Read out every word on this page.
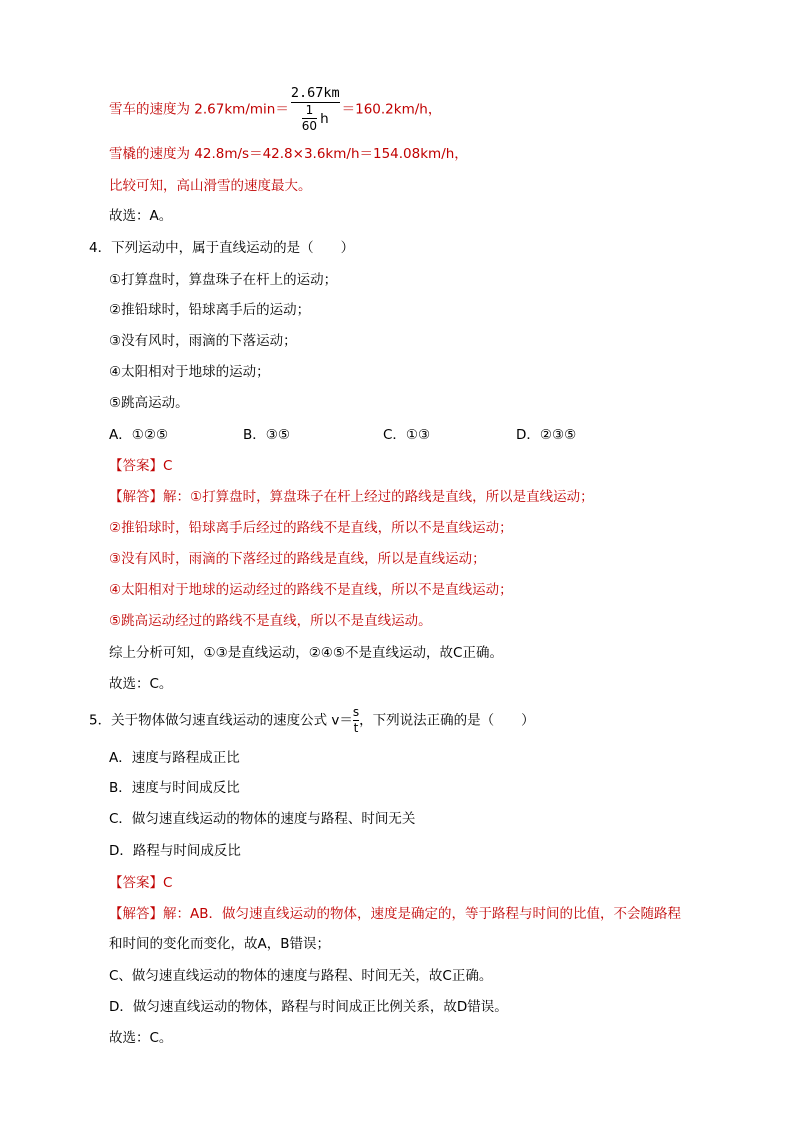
雪车的速度为 $2.67km/\min= \frac{2.67km}{\frac{1}{60} h} =160.2km/h$，
雪橇的速度为 42.8m/s＝42.8×3.6km/h＝154.08km/h，
比较可知，高山滑雪的速度最大。
故选：A。
4．下列运动中，属于直线运动的是（　　）
①打算盘时，算盘珠子在杆上的运动；
②推铅球时，铅球离手后的运动；
③没有风时，雨滴的下落运动；
④太阳相对于地球的运动；
⑤跳高运动。
A．①②⑤	B．③⑤	C．①③	D．②③⑤
【答案】C
【解答】解：①打算盘时，算盘珠子在杆上经过的路线是直线，所以是直线运动；
②推铅球时，铅球离手后经过的路线不是直线，所以不是直线运动；
③没有风时，雨滴的下落经过的路线是直线，所以是直线运动；
④太阳相对于地球的运动经过的路线不是直线，所以不是直线运动；
⑤跳高运动经过的路线不是直线，所以不是直线运动。
综上分析可知，①③是直线运动，②④⑤不是直线运动，故C正确。
故选：C。
5．关于物体做匀速直线运动的速度公式 $v= \frac{s}{t}$ ，下列说法正确的是（　　）
A．速度与路程成正比
B．速度与时间成反比
C．做匀速直线运动的物体的速度与路程、时间无关
D．路程与时间成反比
【答案】C
【解答】解：AB．做匀速直线运动的物体，速度是确定的，等于路程与时间的比值，不会随路程
和时间的变化而变化，故A，B错误；
C、做匀速直线运动的物体的速度与路程、时间无关，故C正确。
D．做匀速直线运动的物体，路程与时间成正比例关系，故D错误。
故选：C。
